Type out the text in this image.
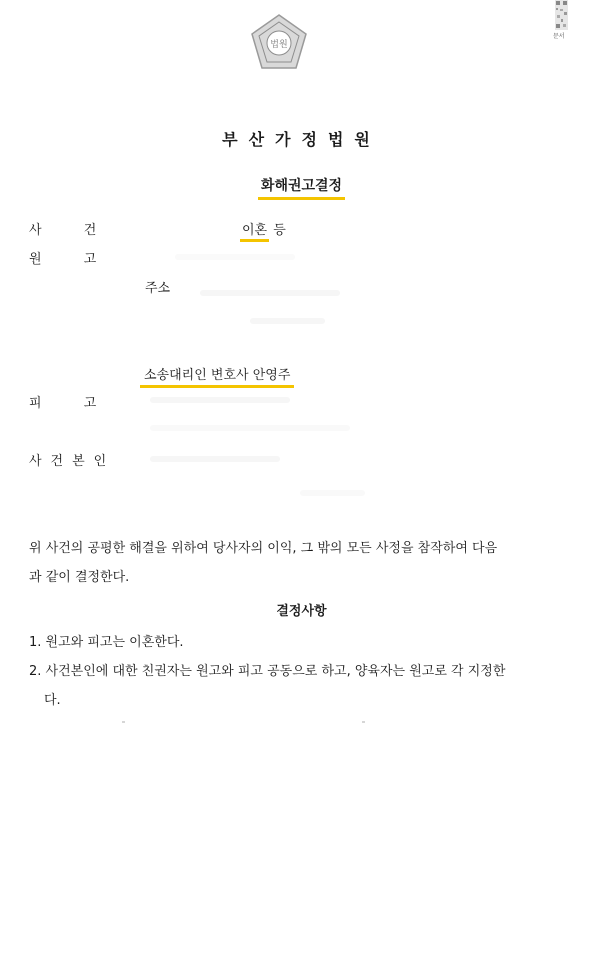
법원
문서
부산가정법원
화해권고결정
사 건	이혼 등
원 고
주소
소송대리인 변호사 안영주
피 고
사건본인
위 사건의 공평한 해결을 위하여 당사자의 이익, 그 밖의 모든 사정을 참작하여 다음
과 같이 결정한다.
결정사항
1. 원고와 피고는 이혼한다.
2. 사건본인에 대한 친권자는 원고와 피고 공동으로 하고, 양육자는 원고로 각 지정한
다.
